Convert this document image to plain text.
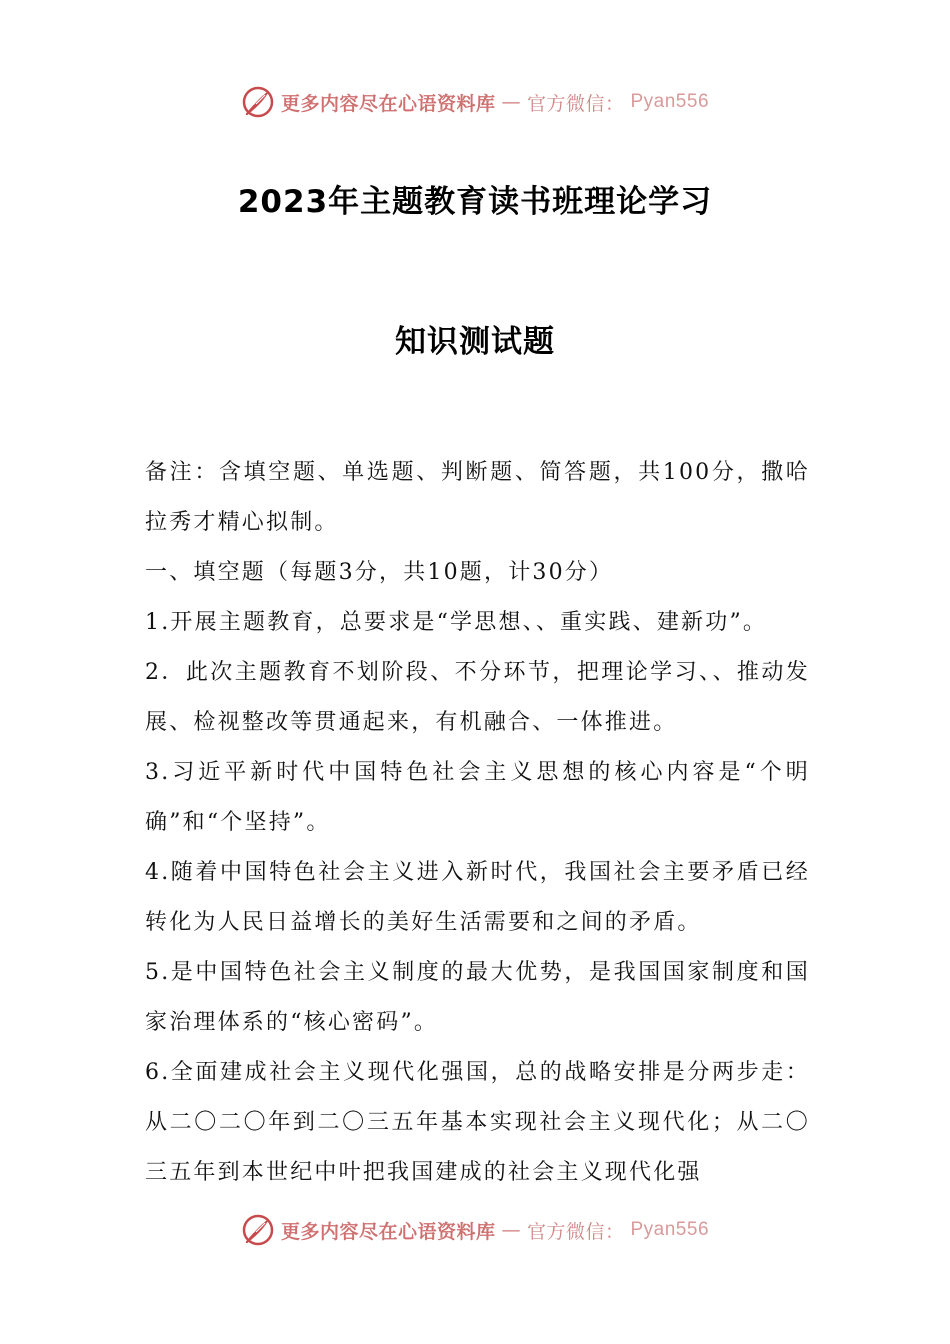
更多内容尽在心语资料库 — 官方微信： Pyan556
2023年主题教育读书班理论学习
知识测试题

备注：含填空题、单选题、判断题、简答题，共100分，撒哈拉秀才精心拟制。

一、填空题（每题3分，共10题，计30分）

1.开展主题教育，总要求是“学思想、、重实践、建新功”。

2．此次主题教育不划阶段、不分环节，把理论学习、、推动发展、检视整改等贯通起来，有机融合、一体推进。

3.习近平新时代中国特色社会主义思想的核心内容是“个明确”和“个坚持”。

4.随着中国特色社会主义进入新时代，我国社会主要矛盾已经转化为人民日益增长的美好生活需要和之间的矛盾。

5.是中国特色社会主义制度的最大优势，是我国国家制度和国家治理体系的“核心密码”。

6.全面建成社会主义现代化强国，总的战略安排是分两步走：从二〇二〇年到二〇三五年基本实现社会主义现代化；从二〇三五年到本世纪中叶把我国建成的社会主义现代化强

更多内容尽在心语资料库 — 官方微信： Pyan556
